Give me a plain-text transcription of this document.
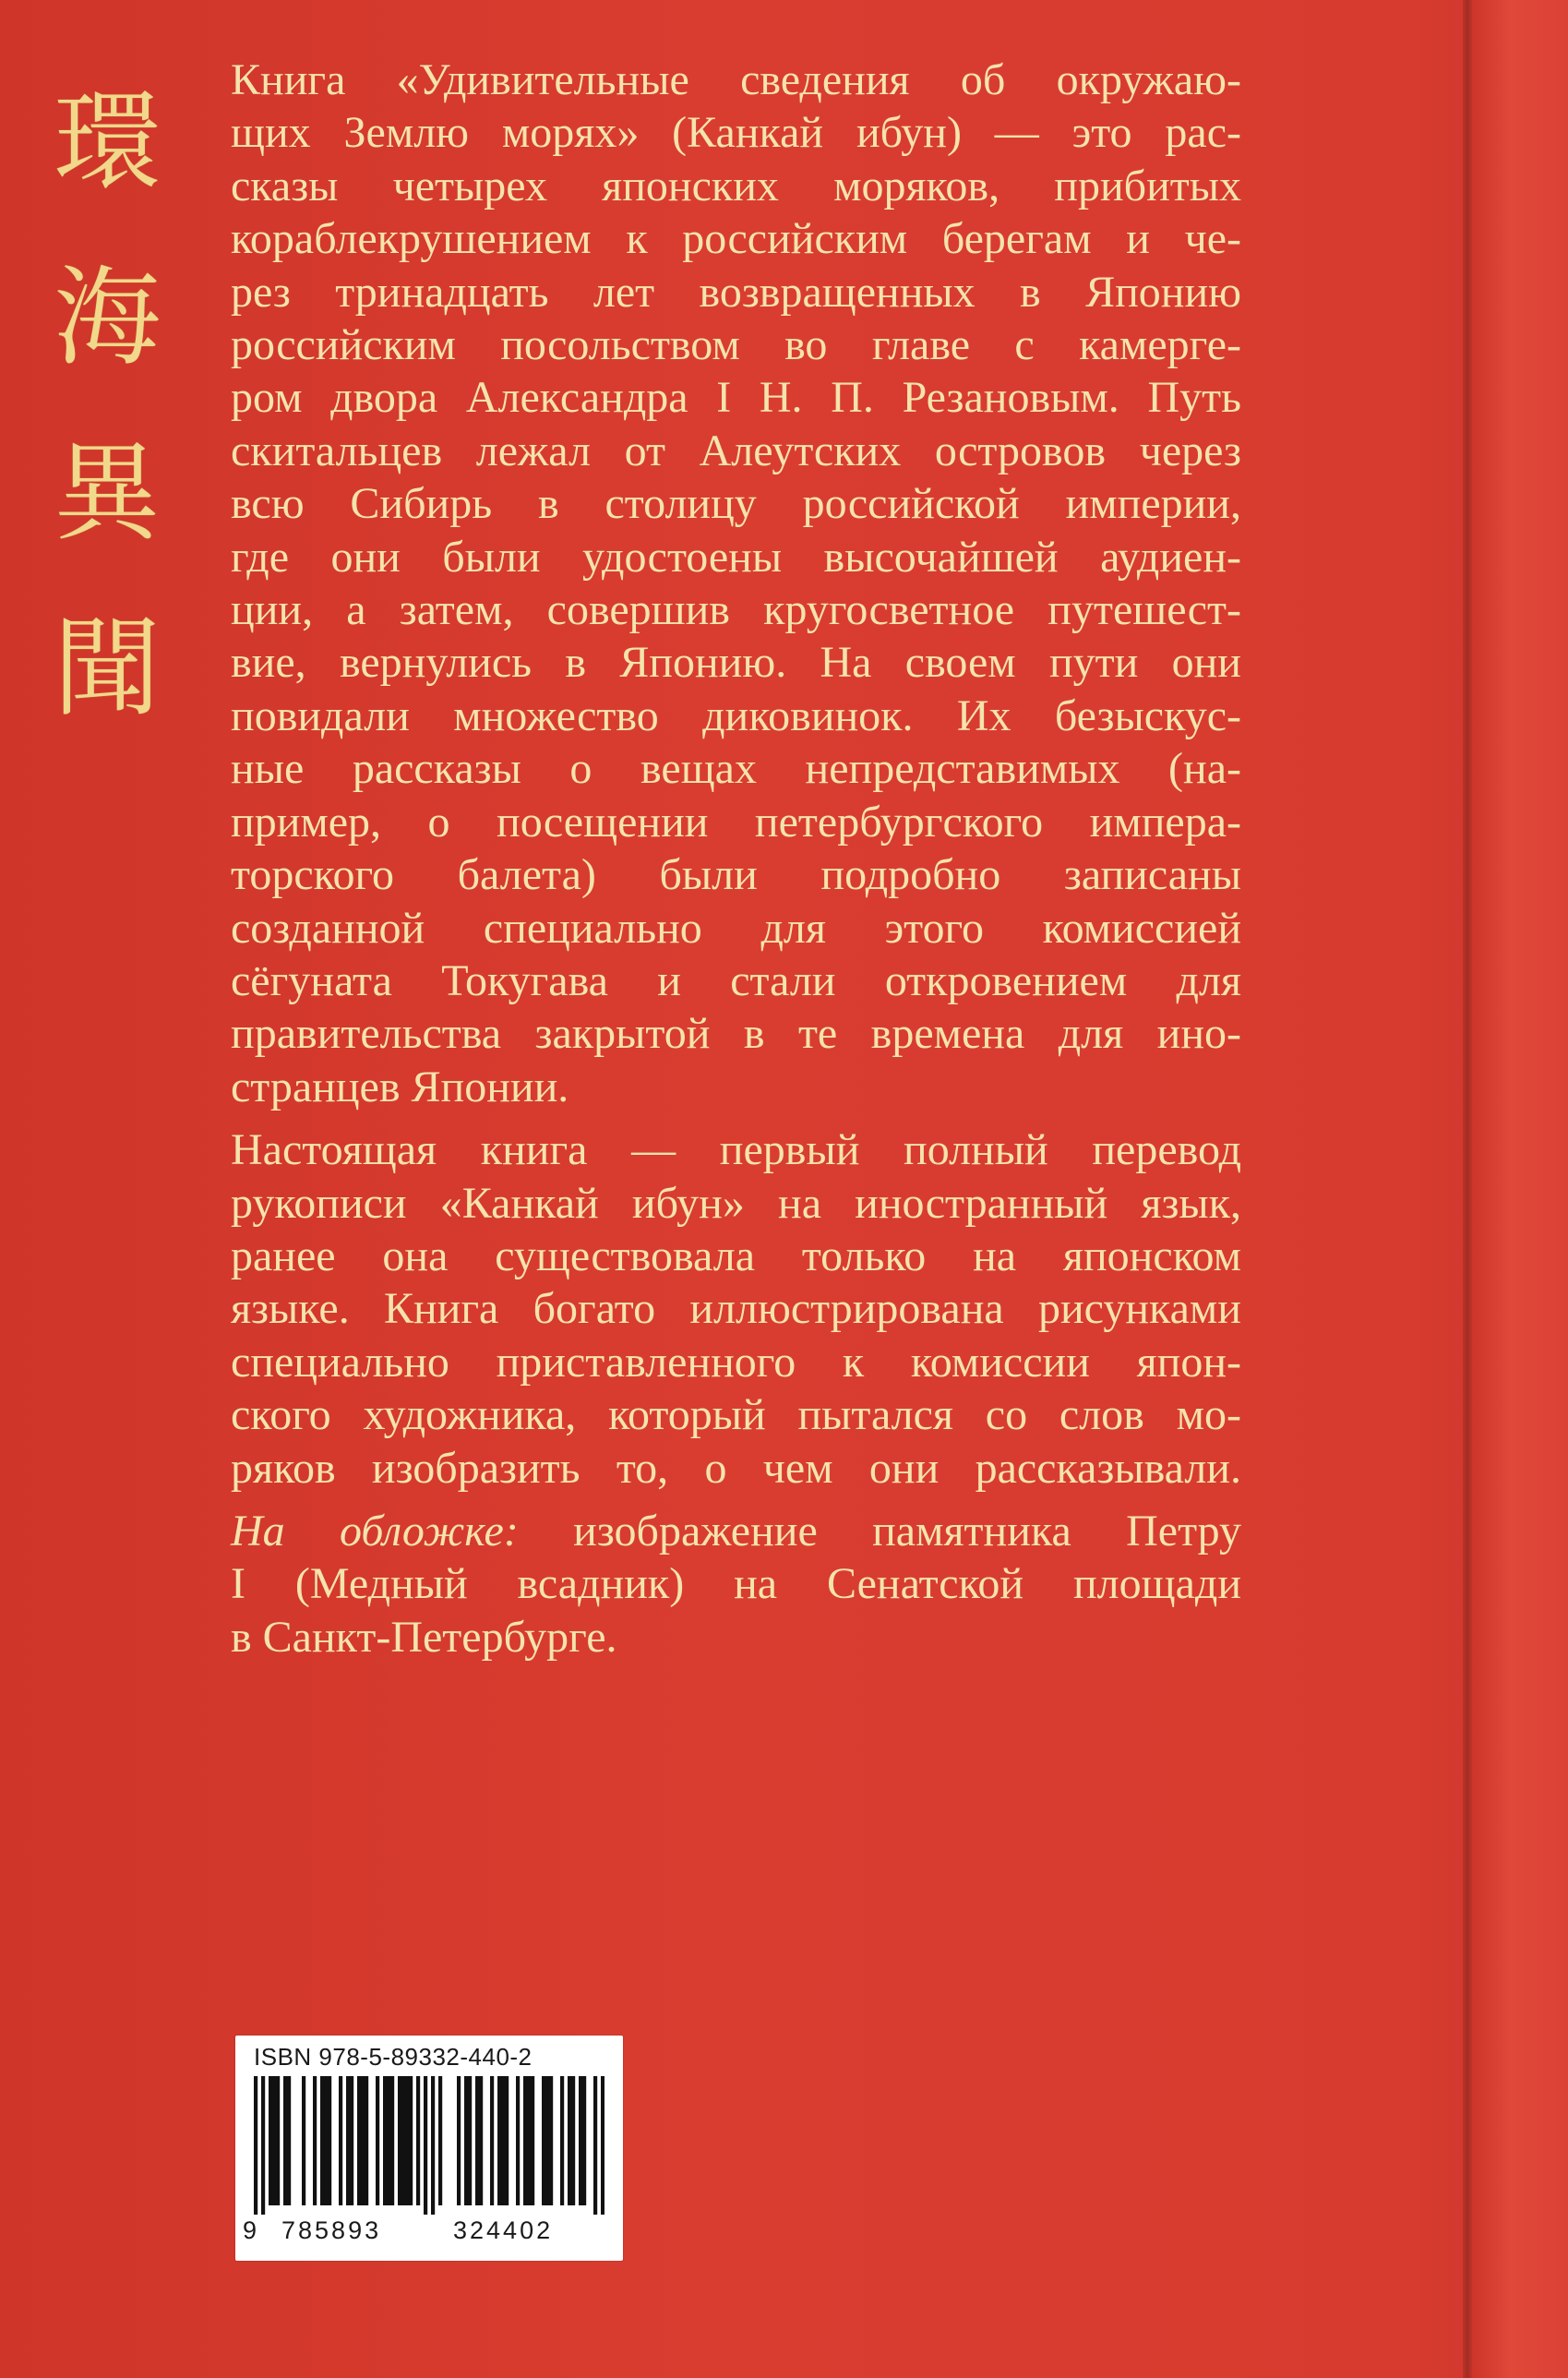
環
海
異
聞

Книга «Удивительные сведения об окружаю-
щих Землю морях» (Канкай ибун) — это рас-
сказы четырех японских моряков, прибитых
кораблекрушением к российским берегам и че-
рез тринадцать лет возвращенных в Японию
российским посольством во главе с камерге-
ром двора Александра I Н. П. Резановым. Путь
скитальцев лежал от Алеутских островов через
всю Сибирь в столицу российской империи,
где они были удостоены высочайшей аудиен-
ции, а затем, совершив кругосветное путешест-
вие, вернулись в Японию. На своем пути они
повидали множество диковинок. Их безыскус-
ные рассказы о вещах непредставимых (на-
пример, о посещении петербургского импера-
торского балета) были подробно записаны
созданной специально для этого комиссией
сёгуната Токугава и стали откровением для
правительства закрытой в те времена для ино-
странцев Японии.

Настоящая книга — первый полный перевод
рукописи «Канкай ибун» на иностранный язык,
ранее она существовала только на японском
языке. Книга богато иллюстрирована рисунками
специально приставленного к комиссии япон-
ского художника, который пытался со слов мо-
ряков изобразить то, о чем они рассказывали.

На обложке: изображение памятника Петру
I (Медный всадник) на Сенатской площади
в Санкт-Петербурге.

ISBN 978-5-89332-440-2
9 785893	324402
